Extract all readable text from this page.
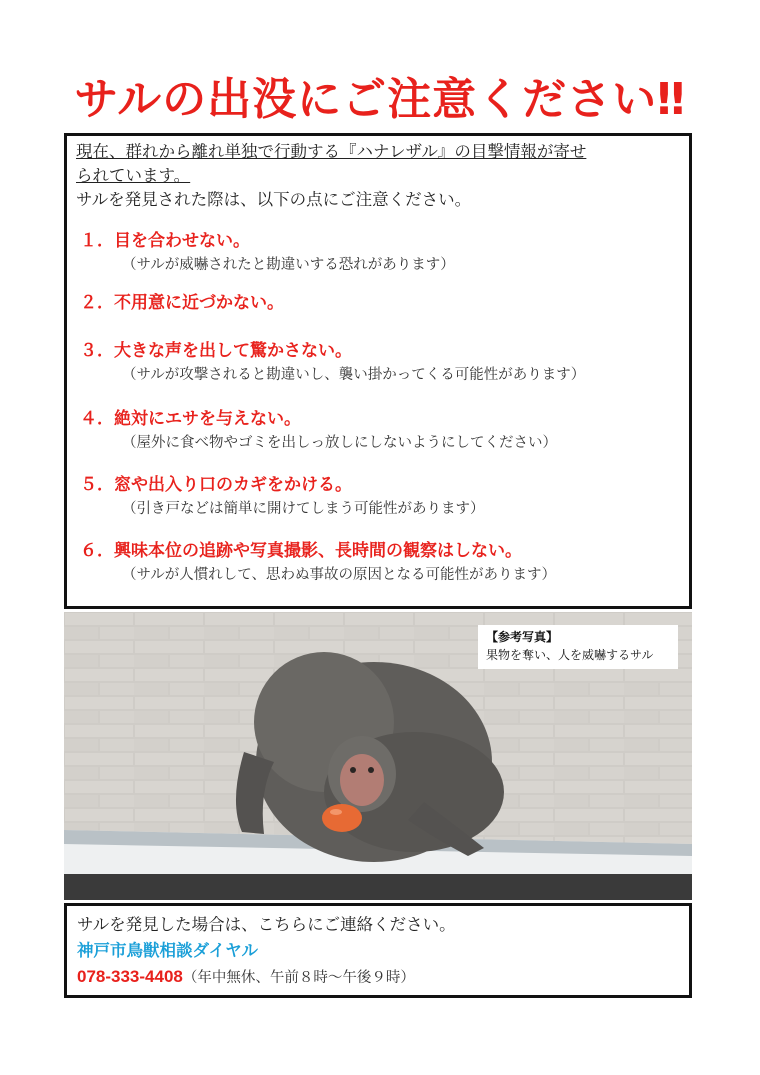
サルの出没にご注意ください‼
現在、群れから離れ単独で行動する『ハナレザル』の目撃情報が寄せ
られています。
サルを発見された際は、以下の点にご注意ください。
１．目を合わせない。
（サルが威嚇されたと勘違いする恐れがあります）
２．不用意に近づかない。
３．大きな声を出して驚かさない。
（サルが攻撃されると勘違いし、襲い掛かってくる可能性があります）
４．絶対にエサを与えない。
（屋外に食べ物やゴミを出しっ放しにしないようにしてください）
５．窓や出入り口のカギをかける。
（引き戸などは簡単に開けてしまう可能性があります）
６．興味本位の追跡や写真撮影、長時間の観察はしない。
（サルが人慣れして、思わぬ事故の原因となる可能性があります）
【参考写真】
果物を奪い、人を威嚇するサル
サルを発見した場合は、こちらにご連絡ください。
神戸市鳥獣相談ダイヤル
078-333-4408（年中無休、午前８時～午後９時）
